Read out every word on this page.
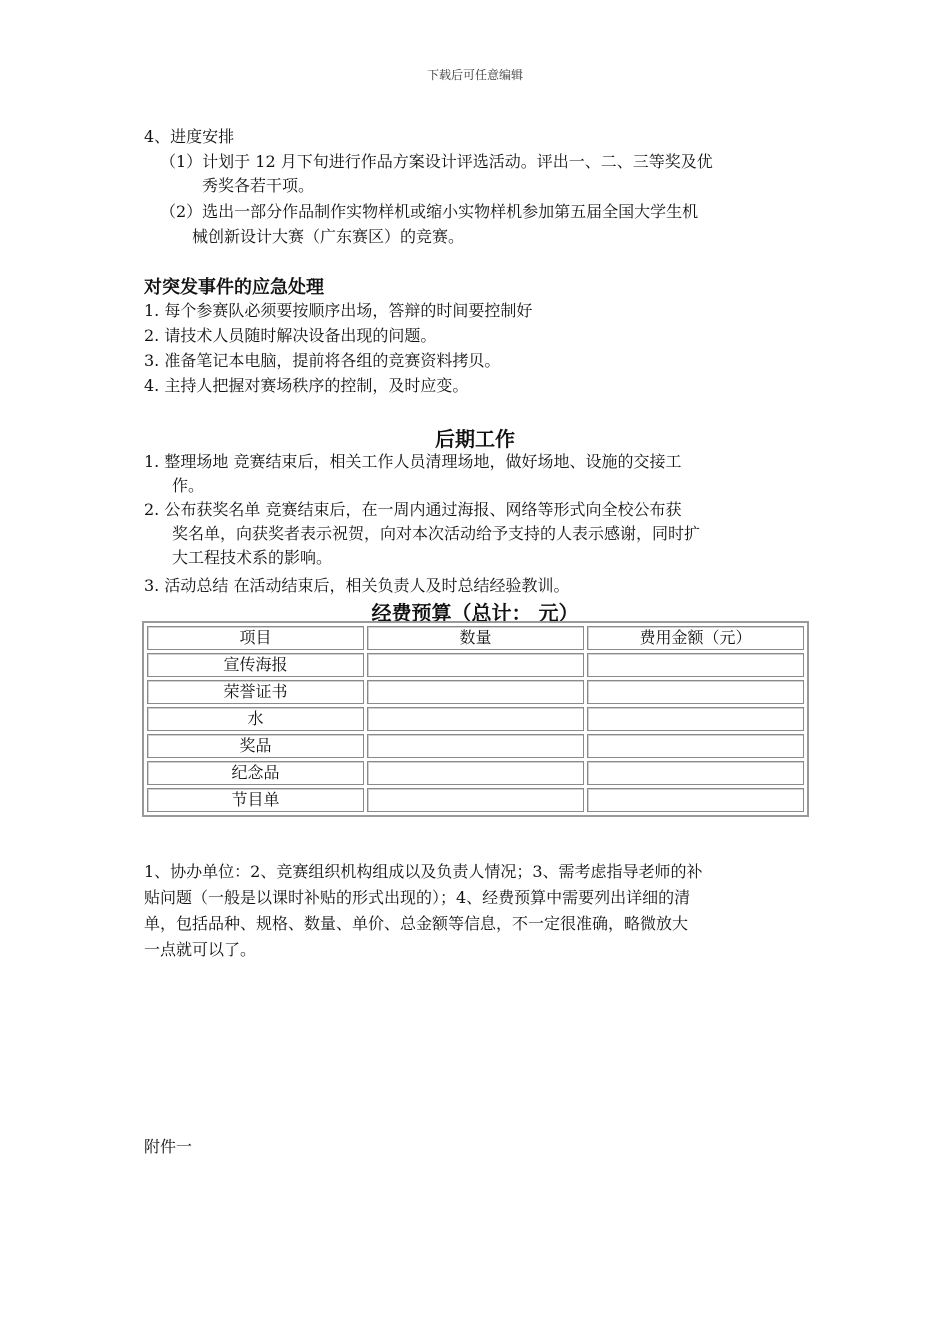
下载后可任意编辑
4、进度安排
（1）计划于 12 月下旬进行作品方案设计评选活动。评出一、二、三等奖及优
秀奖各若干项。
（2）选出一部分作品制作实物样机或缩小实物样机参加第五届全国大学生机
械创新设计大赛（广东赛区）的竞赛。
对突发事件的应急处理
1. 每个参赛队必须要按顺序出场，答辩的时间要控制好
2. 请技术人员随时解决设备出现的问题。
3. 准备笔记本电脑，提前将各组的竞赛资料拷贝。
4. 主持人把握对赛场秩序的控制，及时应变。
后期工作
1. 整理场地 竞赛结束后，相关工作人员清理场地，做好场地、设施的交接工
作。
2. 公布获奖名单 竞赛结束后，在一周内通过海报、网络等形式向全校公布获
奖名单，向获奖者表示祝贺，向对本次活动给予支持的人表示感谢，同时扩
大工程技术系的影响。
3. 活动总结 在活动结束后，相关负责人及时总结经验教训。
经费预算（总计： 元）
项目	数量	费用金额（元）
宣传海报		
荣誉证书		
水		
奖品		
纪念品		
节目单		
1、协办单位：2、竞赛组织机构组成以及负责人情况；3、需考虑指导老师的补
贴问题（一般是以课时补贴的形式出现的）；4、经费预算中需要列出详细的清
单，包括品种、规格、数量、单价、总金额等信息，不一定很准确，略微放大
一点就可以了。
附件一
